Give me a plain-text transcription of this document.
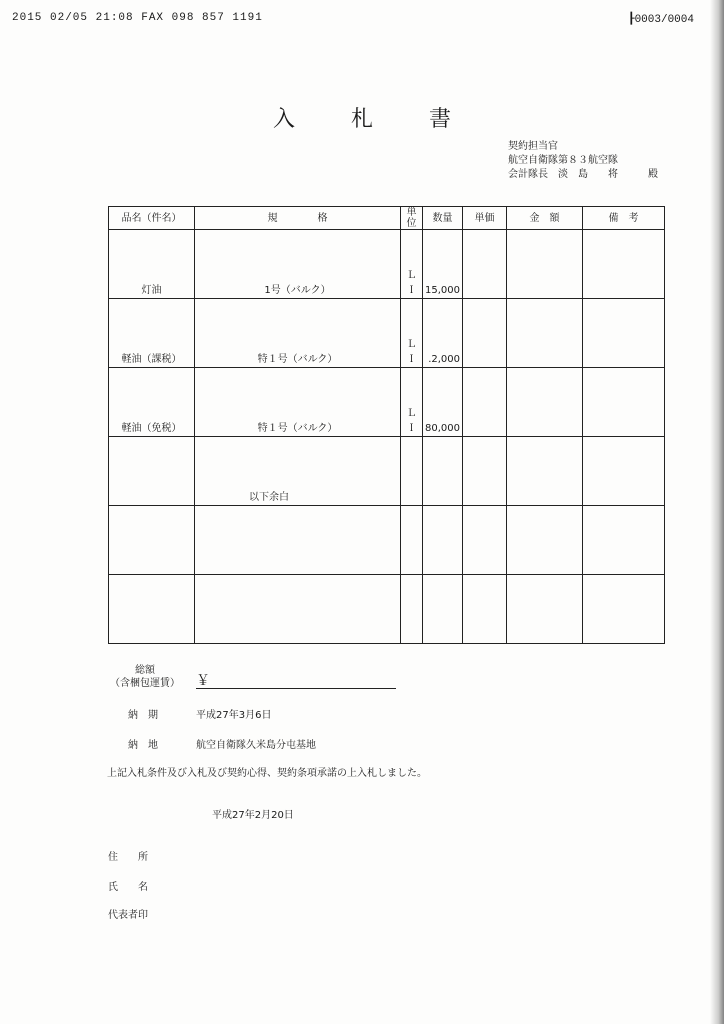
2015 02/05 21:08 FAX 098 857 1191	┠0003/0004
入	札	書
契約担当官
航空自衛隊第８３航空隊
会計隊長　淡　島　　将	殿
品名（件名）	規　　　　格	単位	数量	単価	金　額	備　考

灯油	1号（バルク）	Ｌ Ｉ	15,000			

軽油（課税）	特１号（バルク）	Ｌ Ｉ	.2,000			

軽油（免税）	特１号（バルク）	Ｌ Ｉ	80,000			

	以下余白					

総額
（含梱包運賃） ￥
納　期	平成27年3月6日
納　地	航空自衛隊久米島分屯基地
上記入札条件及び入札及び契約心得、契約条項承諾の上入札しました。
平成27年2月20日
住　　所
氏　　名
代表者印
